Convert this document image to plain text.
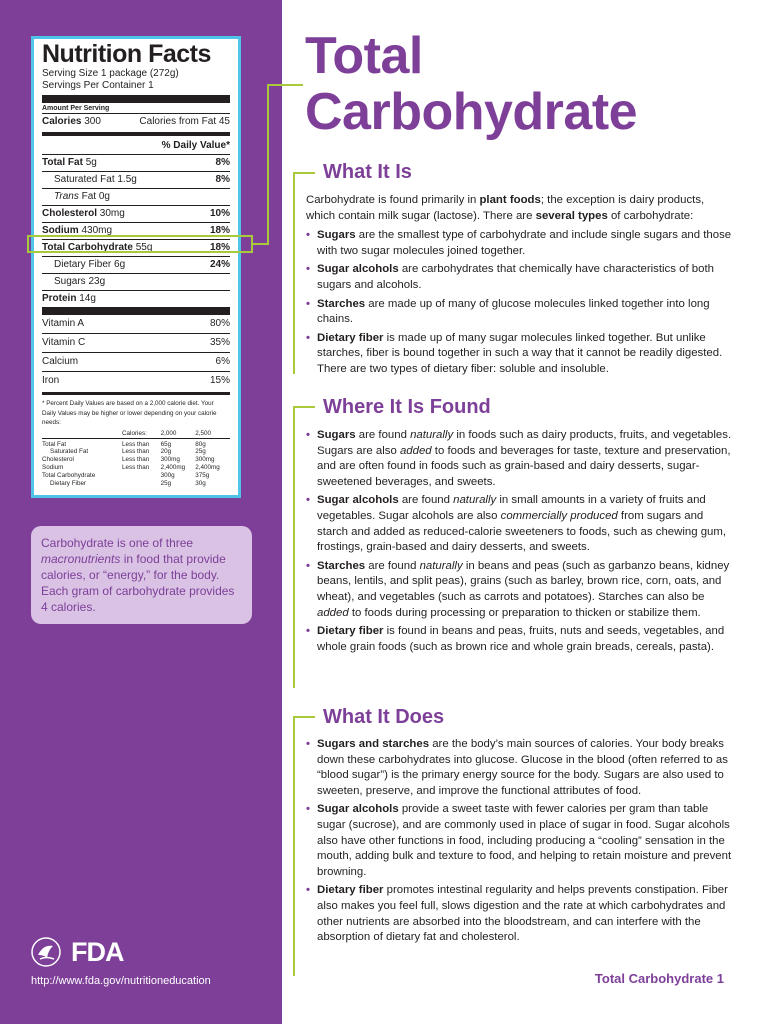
Nutrition Facts
Serving Size 1 package (272g)
Servings Per Container 1
Amount Per Serving
Calories 300	Calories from Fat 45
% Daily Value*
Total Fat 5g	8%
Saturated Fat 1.5g	8%
Trans Fat 0g
Cholesterol 30mg	10%
Sodium 430mg	18%
Total Carbohydrate 55g	18%
Dietary Fiber 6g	24%
Sugars 23g
Protein 14g
Vitamin A	80%
Vitamin C	35%
Calcium	6%
Iron	15%
* Percent Daily Values are based on a 2,000 calorie diet. Your Daily Values may be higher or lower depending on your calorie needs:
	Calories:	2,000	2,500

Total Fat	Less than	65g	80g
Saturated Fat	Less than	20g	25g
Cholesterol	Less than	300mg	300mg
Sodium	Less than	2,400mg	2,400mg
Total Carbohydrate		300g	375g
Dietary Fiber		25g	30g
Carbohydrate is one of three macronutrients in food that provide calories, or “energy,” for the body. Each gram of carbohydrate provides 4 calories.
FDA
http://www.fda.gov/nutritioneducation
Total
Carbohydrate
What It Is

Carbohydrate is found primarily in plant foods; the exception is dairy products, which contain milk sugar (lactose). There are several types of carbohydrate:

• Sugars are the smallest type of carbohydrate and include single sugars and those with two sugar molecules joined together.
• Sugar alcohols are carbohydrates that chemically have characteristics of both sugars and alcohols.
• Starches are made up of many of glucose molecules linked together into long chains.
• Dietary fiber is made up of many sugar molecules linked together. But unlike starches, fiber is bound together in such a way that it cannot be readily digested. There are two types of dietary fiber: soluble and insoluble.
Where It Is Found
• Sugars are found naturally in foods such as dairy products, fruits, and vegetables. Sugars are also added to foods and beverages for taste, texture and preservation, and are often found in foods such as grain-based and dairy desserts, sugar-sweetened beverages, and sweets.
• Sugar alcohols are found naturally in small amounts in a variety of fruits and vegetables. Sugar alcohols are also commercially produced from sugars and starch and added as reduced-calorie sweeteners to foods, such as chewing gum, frostings, grain-based and dairy desserts, and sweets.
• Starches are found naturally in beans and peas (such as garbanzo beans, kidney beans, lentils, and split peas), grains (such as barley, brown rice, corn, oats, and wheat), and vegetables (such as carrots and potatoes). Starches can also be added to foods during processing or preparation to thicken or stabilize them.
• Dietary fiber is found in beans and peas, fruits, nuts and seeds, vegetables, and whole grain foods (such as brown rice and whole grain breads, cereals, pasta).
What It Does
• Sugars and starches are the body’s main sources of calories. Your body breaks down these carbohydrates into glucose. Glucose in the blood (often referred to as “blood sugar”) is the primary energy source for the body. Sugars are also used to sweeten, preserve, and improve the functional attributes of food.
• Sugar alcohols provide a sweet taste with fewer calories per gram than table sugar (sucrose), and are commonly used in place of sugar in food. Sugar alcohols also have other functions in food, including producing a “cooling” sensation in the mouth, adding bulk and texture to food, and helping to retain moisture and prevent browning.
• Dietary fiber promotes intestinal regularity and helps prevents constipation. Fiber also makes you feel full, slows digestion and the rate at which carbohydrates and other nutrients are absorbed into the bloodstream, and can interfere with the absorption of dietary fat and cholesterol.
Total Carbohydrate 1
